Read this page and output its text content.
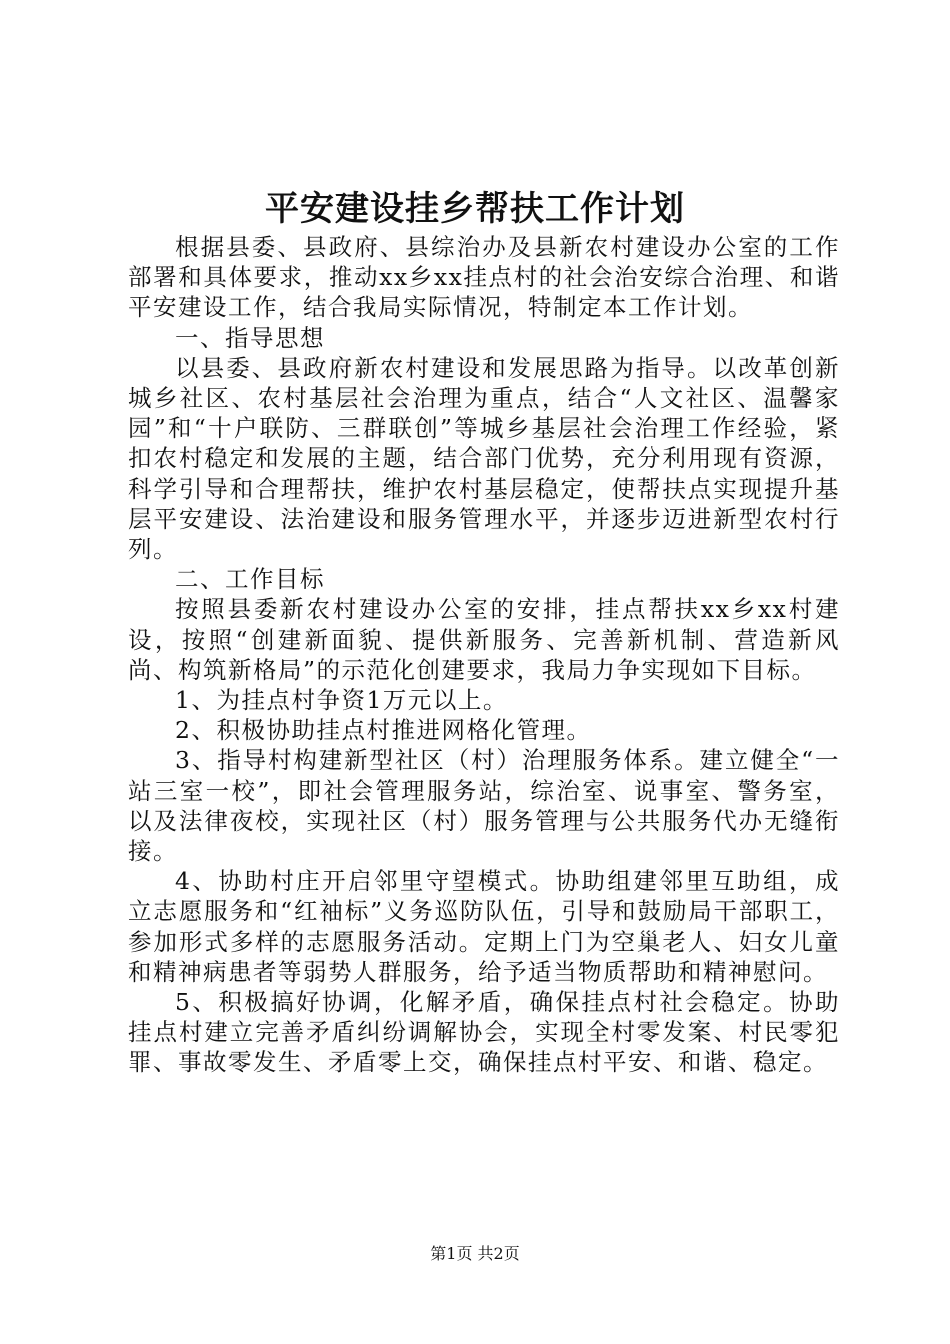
平安建设挂乡帮扶工作计划

根据县委、县政府、县综治办及县新农村建设办公室的工作部署和具体要求，推动xx乡xx挂点村的社会治安综合治理、和谐平安建设工作，结合我局实际情况，特制定本工作计划。

一、指导思想

以县委、县政府新农村建设和发展思路为指导。以改革创新城乡社区、农村基层社会治理为重点，结合“人文社区、温馨家园”和“十户联防、三群联创”等城乡基层社会治理工作经验，紧扣农村稳定和发展的主题，结合部门优势，充分利用现有资源，科学引导和合理帮扶，维护农村基层稳定，使帮扶点实现提升基层平安建设、法治建设和服务管理水平，并逐步迈进新型农村行列。

二、工作目标

按照县委新农村建设办公室的安排，挂点帮扶xx乡xx村建设，按照“创建新面貌、提供新服务、完善新机制、营造新风尚、构筑新格局”的示范化创建要求，我局力争实现如下目标。

1、为挂点村争资1万元以上。

2、积极协助挂点村推进网格化管理。

3、指导村构建新型社区（村）治理服务体系。建立健全“一站三室一校”，即社会管理服务站，综治室、说事室、警务室，以及法律夜校，实现社区（村）服务管理与公共服务代办无缝衔接。

4、协助村庄开启邻里守望模式。协助组建邻里互助组，成立志愿服务和“红袖标”义务巡防队伍，引导和鼓励局干部职工，参加形式多样的志愿服务活动。定期上门为空巢老人、妇女儿童和精神病患者等弱势人群服务，给予适当物质帮助和精神慰问。

5、积极搞好协调，化解矛盾，确保挂点村社会稳定。协助挂点村建立完善矛盾纠纷调解协会，实现全村零发案、村民零犯罪、事故零发生、矛盾零上交，确保挂点村平安、和谐、稳定。

第1页 共2页
